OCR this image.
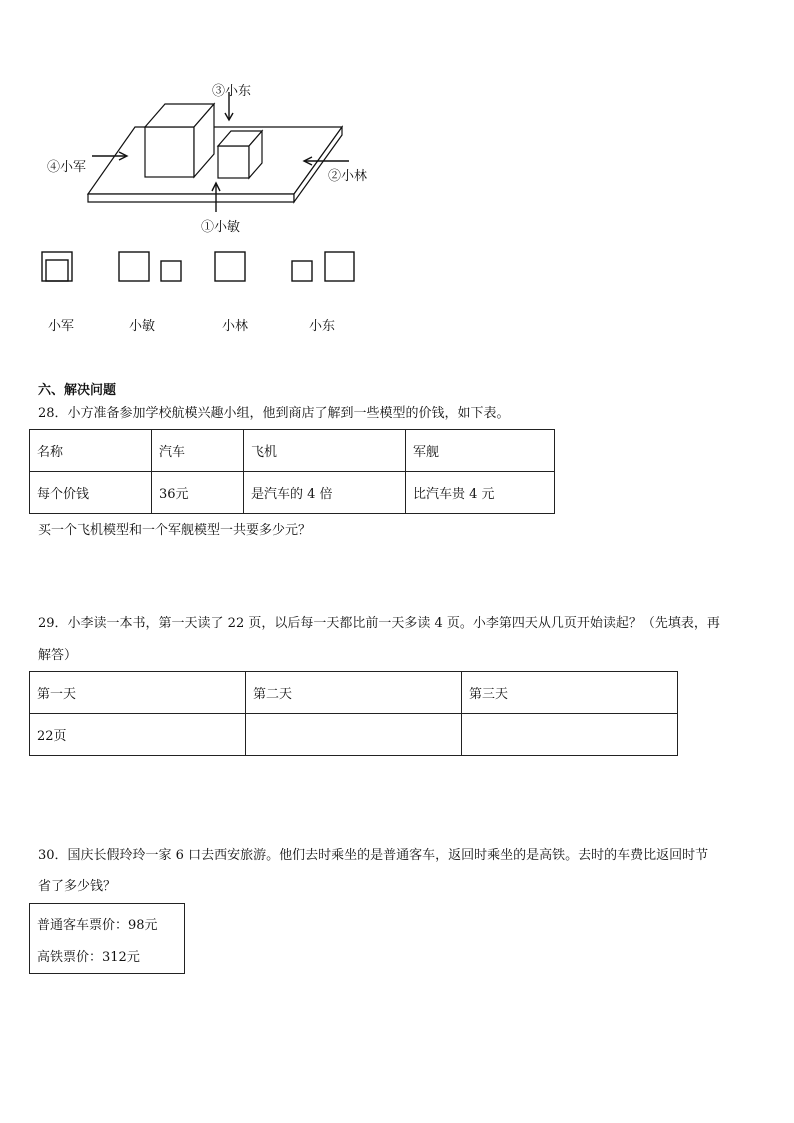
③小东
④小军
②小林
①小敏
小军	小敏	小林	小东
六、解决问题
28．小方准备参加学校航模兴趣小组，他到商店了解到一些模型的价钱，如下表。
名称	汽车	飞机	军舰
每个价钱	36元	是汽车的 4 倍	比汽车贵 4 元
买一个飞机模型和一个军舰模型一共要多少元？
29．小李读一本书，第一天读了 22 页，以后每一天都比前一天多读 4 页。小李第四天从几页开始读起？（先填表，再
解答）
第一天	第二天	第三天
22页		
30．国庆长假玲玲一家 6 口去西安旅游。他们去时乘坐的是普通客车，返回时乘坐的是高铁。去时的车费比返回时节
省了多少钱？
普通客车票价：98元
高铁票价：312元
